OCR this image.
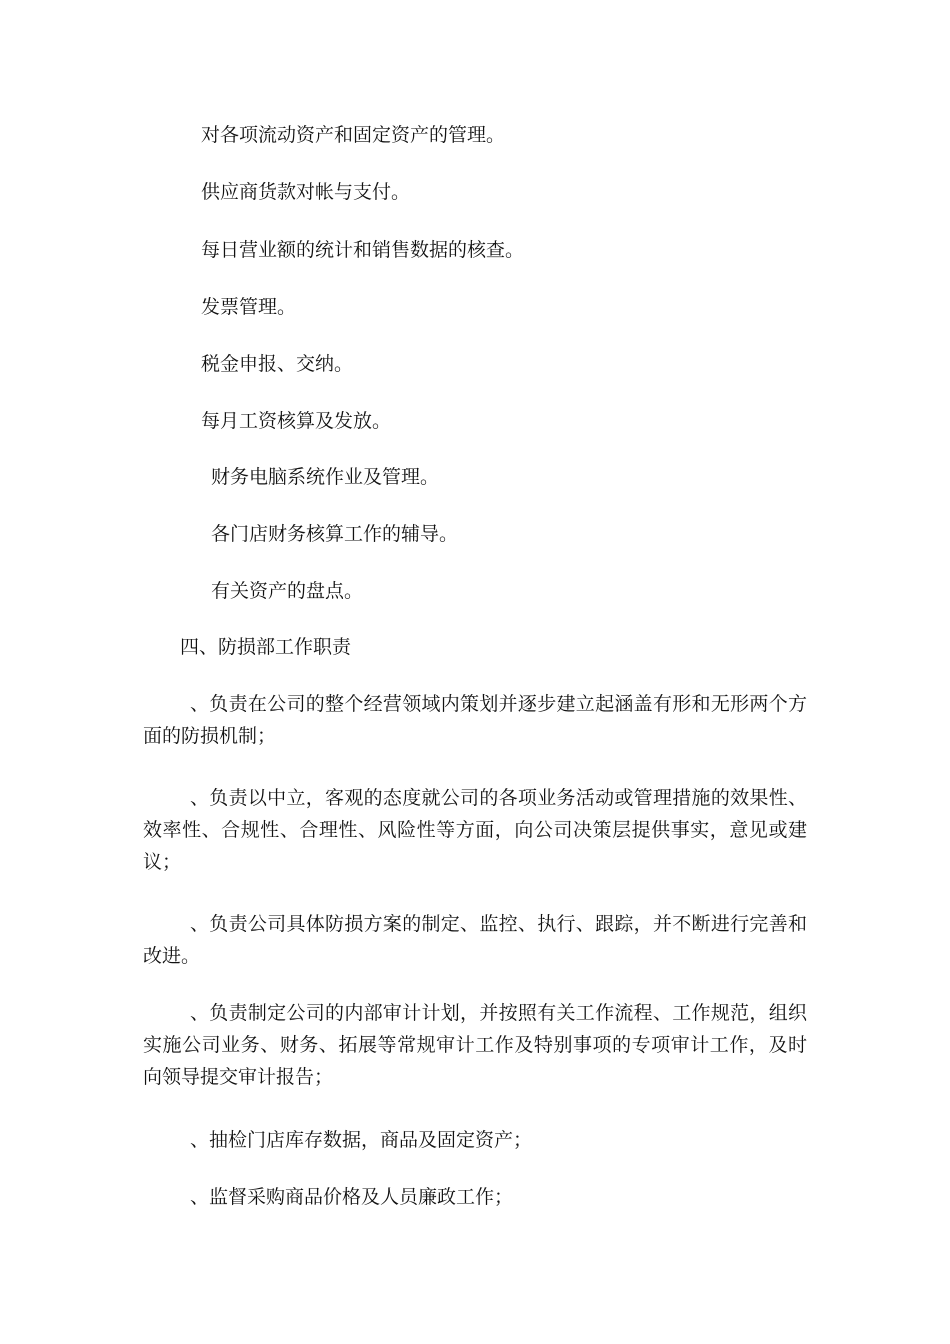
对各项流动资产和固定资产的管理。
供应商货款对帐与支付。
每日营业额的统计和销售数据的核查。
发票管理。
税金申报、交纳。
每月工资核算及发放。
财务电脑系统作业及管理。
各门店财务核算工作的辅导。
有关资产的盘点。
四、防损部工作职责
、负责在公司的整个经营领域内策划并逐步建立起涵盖有形和无形两个方面的防损机制；
、负责以中立，客观的态度就公司的各项业务活动或管理措施的效果性、效率性、合规性、合理性、风险性等方面，向公司决策层提供事实，意见或建议；
、负责公司具体防损方案的制定、监控、执行、跟踪，并不断进行完善和改进。
、负责制定公司的内部审计计划，并按照有关工作流程、工作规范，组织实施公司业务、财务、拓展等常规审计工作及特别事项的专项审计工作，及时向领导提交审计报告；
、抽检门店库存数据，商品及固定资产；
、监督采购商品价格及人员廉政工作；
